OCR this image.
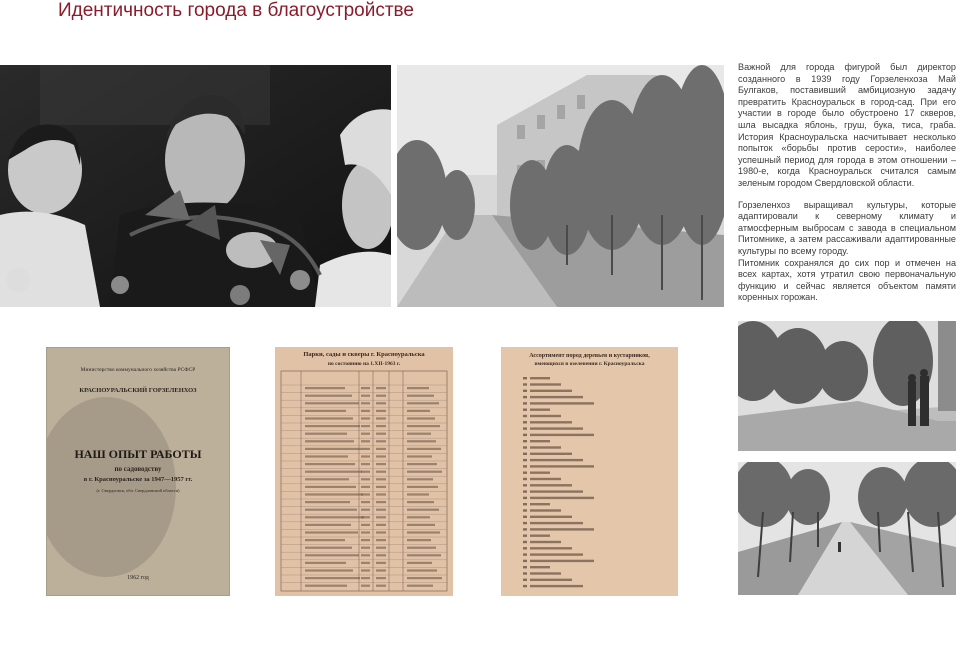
Идентичность города в благоустройстве

Важной для города фигурой был директор созданного в 1939 году Горзеленхоза Май Булгаков, поставивший амбициозную задачу превратить Красноуральск в город-сад. При его участии в городе было обустроено 17 скверов, шла высадка яблонь, груш, бука, тиса, граба. История Красноуральска насчитывает несколько попыток «борьбы против серости», наиболее успешный период для города в этом отношении – 1980-е, когда Красноуральск считался самым зеленым городом Свердловской области.

Горзеленхоз выращивал культуры, которые адаптировали к северному климату и атмосферным выбросам с завода в специальном Питомнике, а затем рассаживали адаптированные культуры по всему городу.

Питомник сохранялся до сих пор и отмечен на всех картах, хотя утратил свою первоначальную функцию и сейчас является объектом памяти коренных горожан.

Министерство коммунального хозяйства РСФСР
КРАСНОУРАЛЬСКИЙ ГОРЗЕЛЕНХОЗ
НАШ ОПЫТ РАБОТЫ
по садоводству
в г. Красноуральске за 1947—1957 гг.
(г. Свердловск, обл. Свердловской области)
1962 год
Парки, сады и скверы г. Красноуральска
по состоянию на 1.XII-1963 г.
Ассортимент пород деревьев и кустарников,
имеющихся в озеленении г. Красноуральска
